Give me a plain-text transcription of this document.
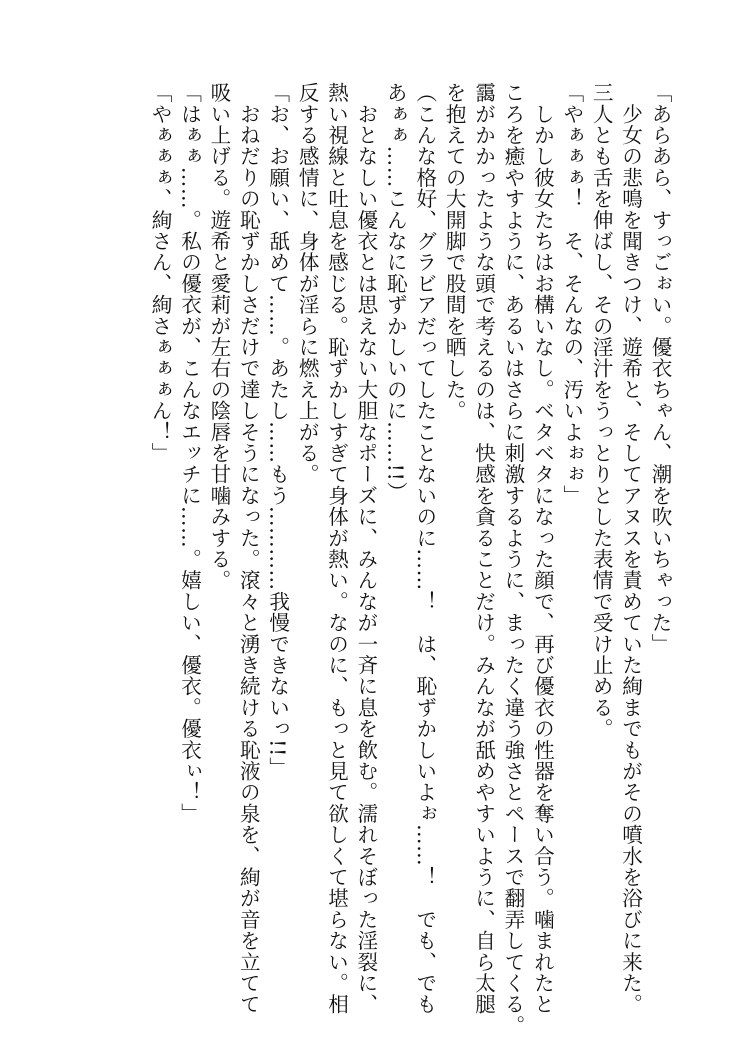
「あらあら、すっごぉい。優衣ちゃん、潮を吹いちゃった」

　少女の悲鳴を聞きつけ、遊希と、そしてアヌスを責めていた絢までもがその噴水を浴びに来た。

三人とも舌を伸ばし、その淫汁をうっとりとした表情で受け止める。

「やぁぁぁ！　そ、そんなの、汚いよぉぉ」

　しかし彼女たちはお構いなし。ベタベタになった顔で、再び優衣の性器を奪い合う。噛まれたと

ころを癒やすように、あるいはさらに刺激するように、まったく違う強さとペースで翻弄してくる。

靄がかかったような頭で考えるのは、快感を貪ることだけ。みんなが舐めやすいように、自ら太腿

を抱えての大開脚で股間を晒した。

（こんな格好、グラビアだってしたことないのに……！　は、恥ずかしいよぉ……！　でも、でも

あぁぁ……こんなに恥ずかしいのに……!!）

　おとなしい優衣とは思えない大胆なポーズに、みんなが一斉に息を飲む。濡れそぼった淫裂に、

熱い視線と吐息を感じる。恥ずかしすぎて身体が熱い。なのに、もっと見て欲しくて堪らない。相

反する感情に、身体が淫らに燃え上がる。

「お、お願い、舐めて……。あたし……もう…………我慢できないっ!!」

　おねだりの恥ずかしさだけで達しそうになった。滾々と湧き続ける恥液の泉を、絢が音を立てて

吸い上げる。遊希と愛莉が左右の陰唇を甘噛みする。

「はぁぁ……。私の優衣が、こんなエッチに……。嬉しい、優衣。優衣ぃ！」

「やぁぁぁ、絢さん、絢さぁぁぁん！」
